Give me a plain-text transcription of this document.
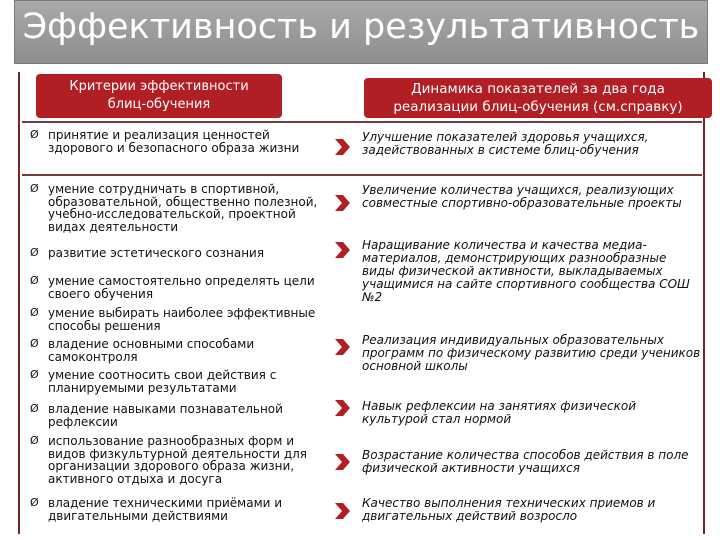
Эффективность и результативность
Критерии эффективности
блиц-обучения
Динамика показателей за два года
реализации блиц-обучения (см.справку)
Ø принятие и реализация ценностей здорового и безопасного образа жизни
Ø умение сотрудничать в спортивной, образовательной, общественно полезной, учебно-исследовательской, проектной видах деятельности
Ø развитие эстетического сознания
Ø умение самостоятельно определять цели своего обучения
Ø умение выбирать наиболее эффективные способы решения
Ø владение основными способами самоконтроля
Ø умение соотносить свои действия с планируемыми результатами
Ø владение навыками познавательной рефлексии
Ø использование разнообразных форм и видов физкультурной деятельности для организации здорового образа жизни, активного отдыха и досуга
Ø владение техническими приёмами и двигательными действиями
Улучшение показателей здоровья учащихся, задействованных в системе блиц-обучения
Увеличение количества учащихся, реализующих совместные спортивно-образовательные проекты
Наращивание количества и качества медиа-материалов, демонстрирующих разнообразные виды физической активности, выкладываемых учащимися на сайте спортивного сообщества СОШ №2
Реализация индивидуальных образовательных программ по физическому развитию среди учеников основной школы
Навык рефлексии на занятиях физической культурой стал нормой
Возрастание количества способов действия в поле физической активности учащихся
Качество выполнения технических приемов и двигательных действий возросло
